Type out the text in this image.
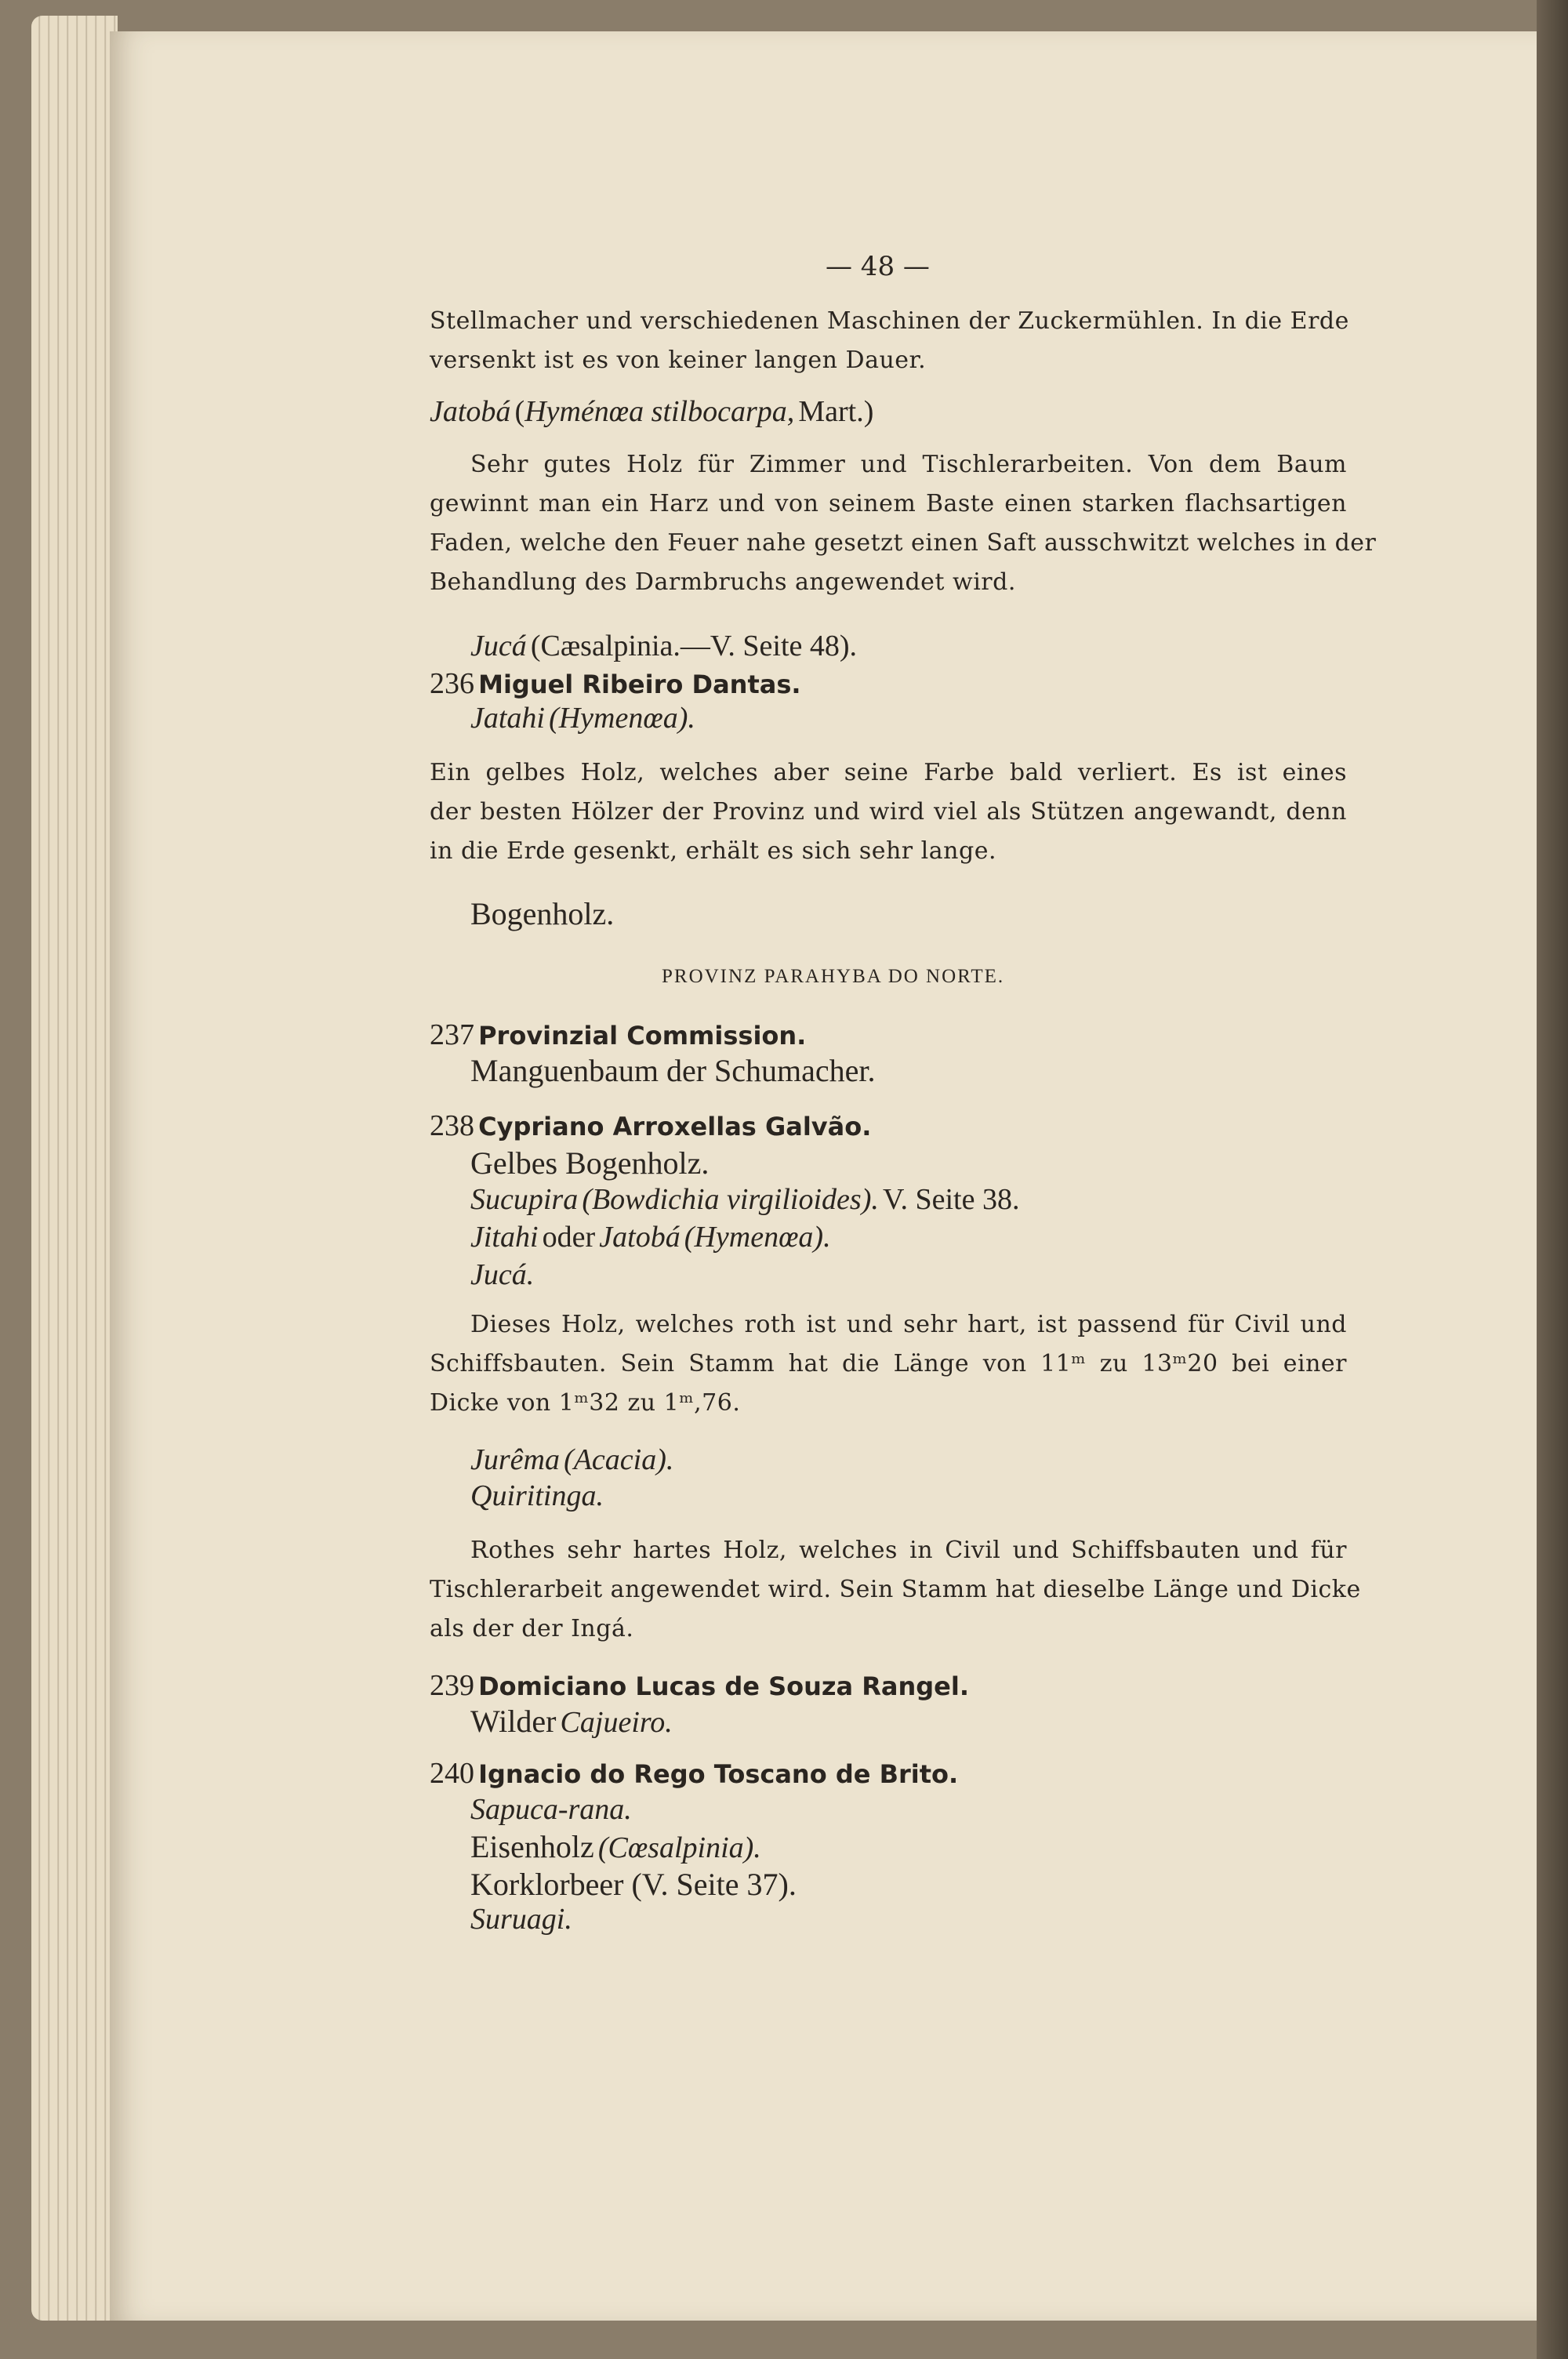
— 48 —
Stellmacher und verschiedenen Maschinen der Zuckermühlen. In die Erde
versenkt ist es von keiner langen Dauer.
Jatobá (Hyménœa stilbocarpa, Mart.)
Sehr gutes Holz für Zimmer und Tischlerarbeiten. Von dem Baum
gewinnt man ein Harz und von seinem Baste einen starken flachsartigen
Faden, welche den Feuer nahe gesetzt einen Saft ausschwitzt welches in der
Behandlung des Darmbruchs angewendet wird.
Jucá (Cæsalpinia.—V. Seite 48).
236 Miguel Ribeiro Dantas.
Jatahi (Hymenœa).
Ein gelbes Holz, welches aber seine Farbe bald verliert. Es ist eines
der besten Hölzer der Provinz und wird viel als Stützen angewandt, denn
in die Erde gesenkt, erhält es sich sehr lange.
Bogenholz.
PROVINZ PARAHYBA DO NORTE.
237 Provinzial Commission.
Manguenbaum der Schumacher.
238 Cypriano Arroxellas Galvão.
Gelbes Bogenholz.
Sucupira (Bowdichia virgilioides). V. Seite 38.
Jitahi oder Jatobá (Hymenœa).
Jucá.
Dieses Holz, welches roth ist und sehr hart, ist passend für Civil und
Schiffsbauten. Sein Stamm hat die Länge von 11ᵐ zu 13ᵐ20 bei einer
Dicke von 1ᵐ32 zu 1ᵐ,76.
Jurêma (Acacia).
Quiritinga.
Rothes sehr hartes Holz, welches in Civil und Schiffsbauten und für
Tischlerarbeit angewendet wird. Sein Stamm hat dieselbe Länge und Dicke
als der der Ingá.
239 Domiciano Lucas de Souza Rangel.
Wilder Cajueiro.
240 Ignacio do Rego Toscano de Brito.
Sapuca-rana.
Eisenholz (Cœsalpinia).
Korklorbeer (V. Seite 37).
Suruagi.
